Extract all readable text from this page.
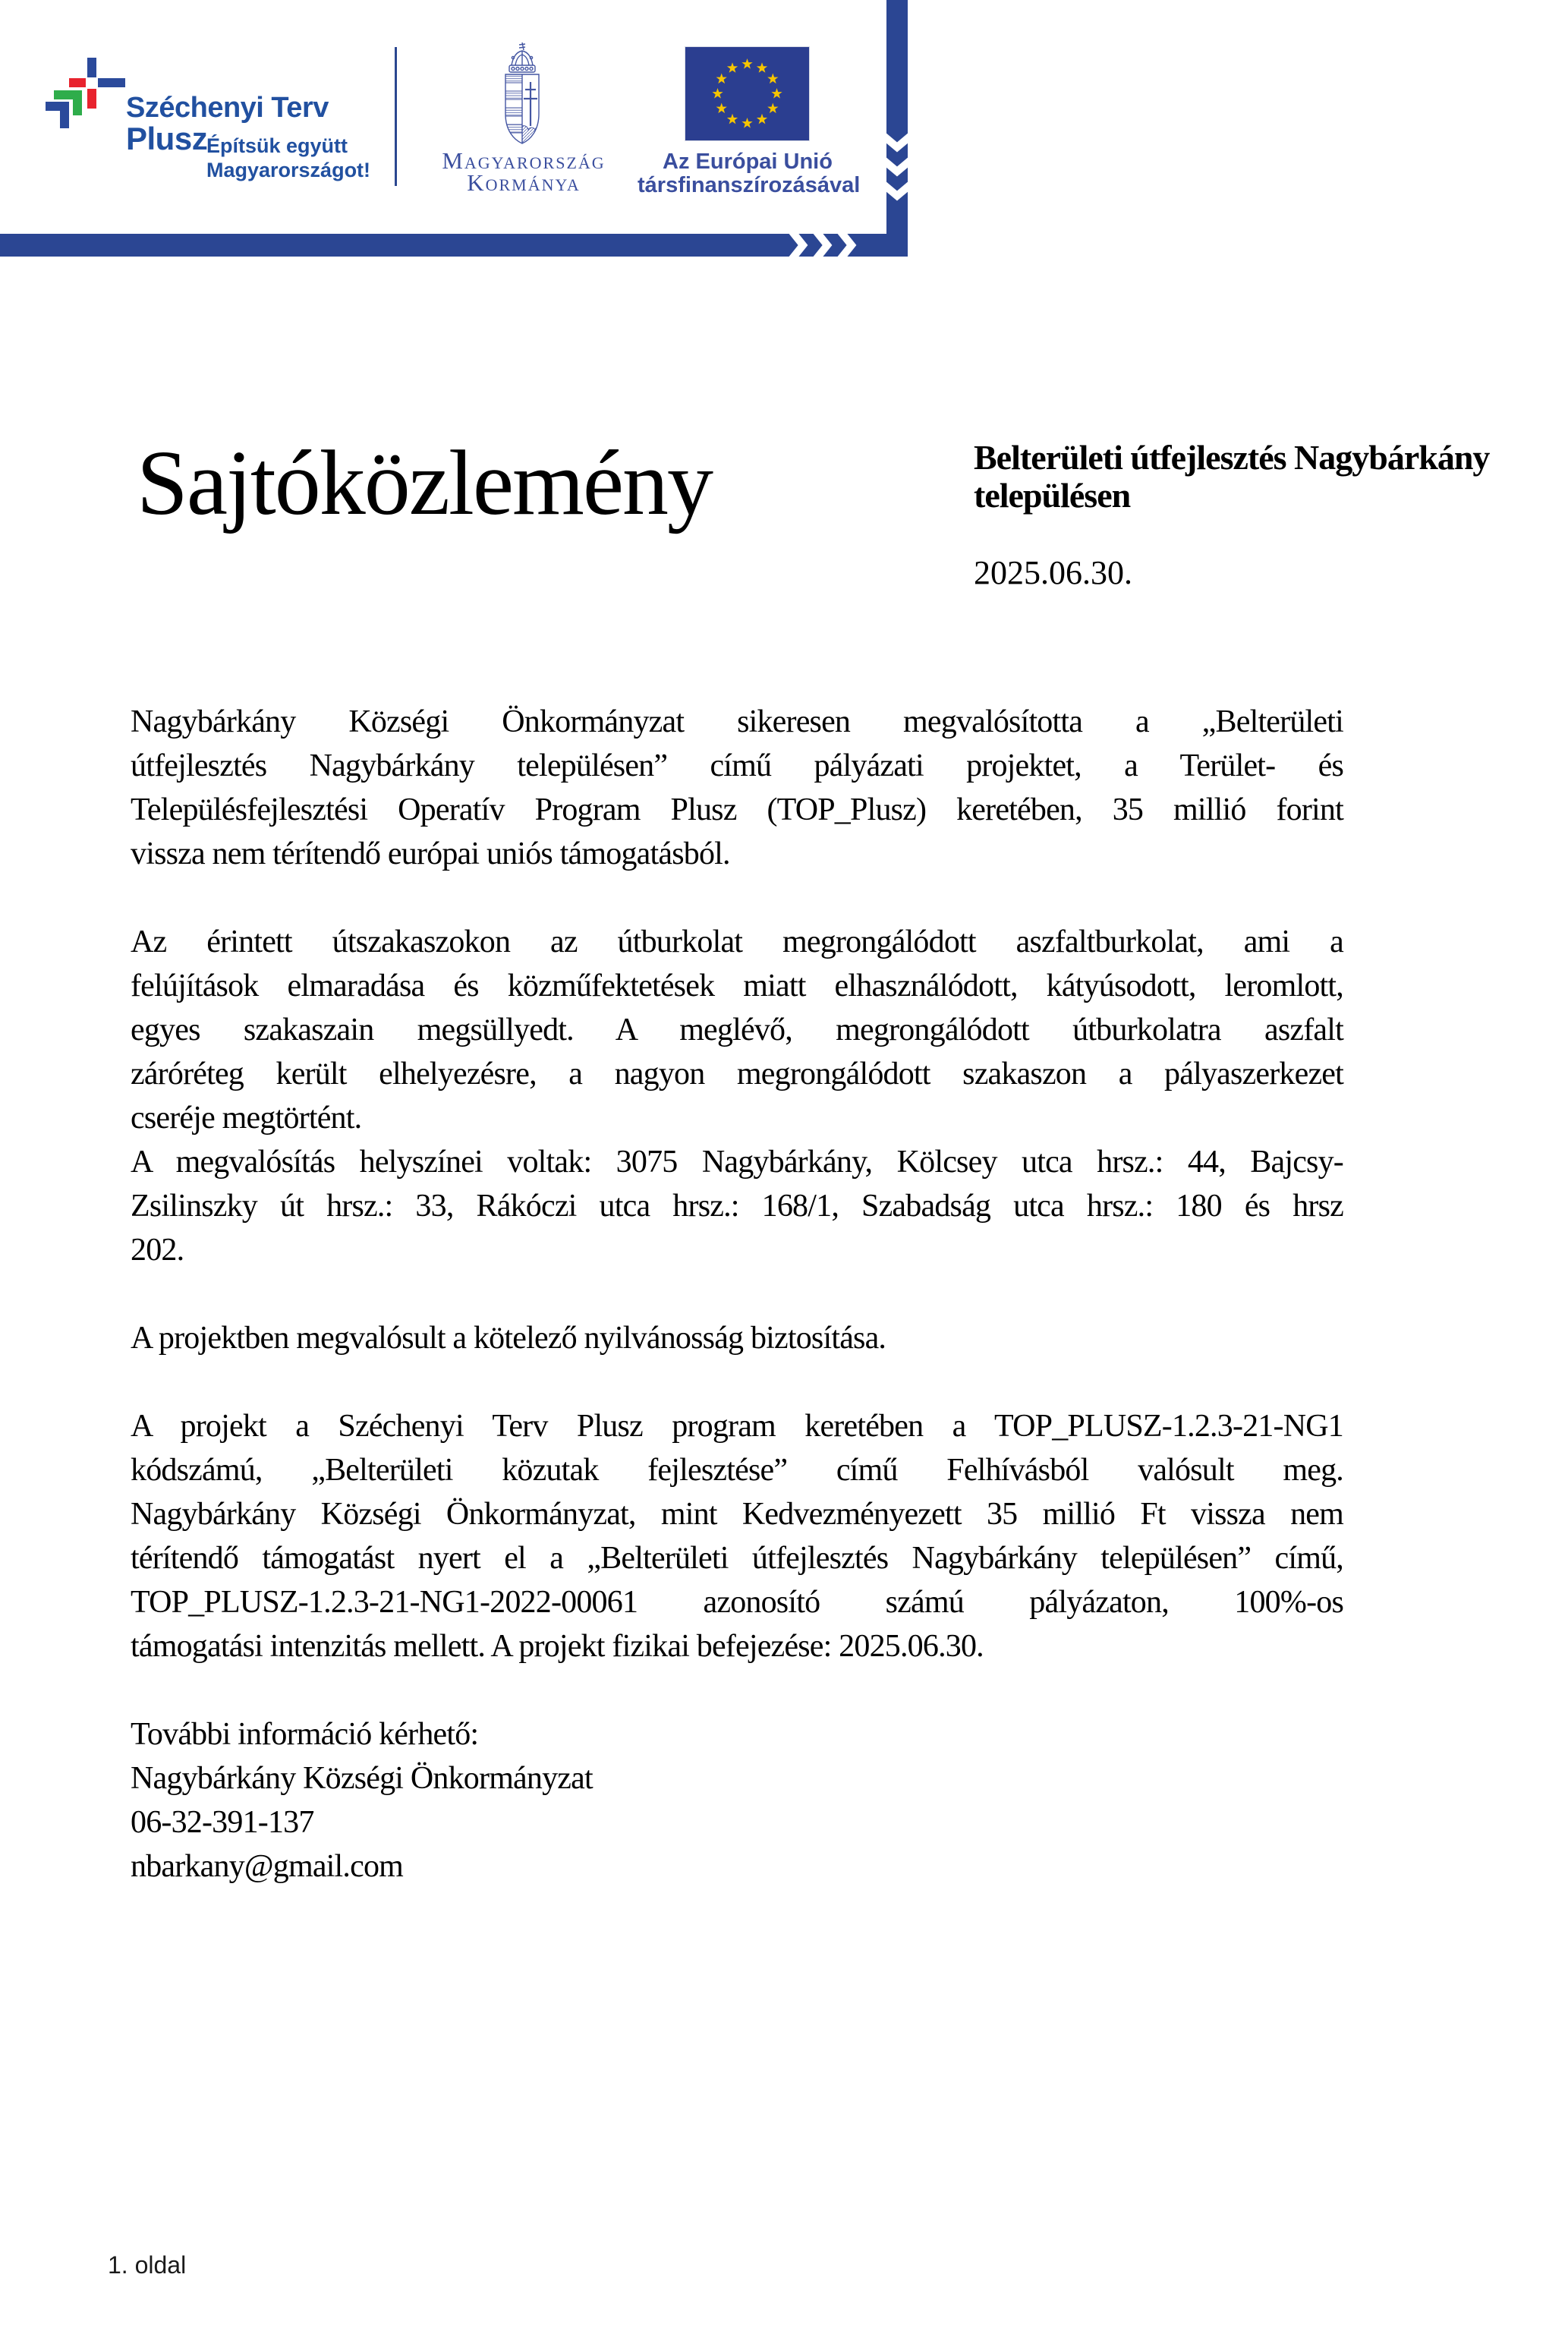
Széchenyi Terv
Plusz
Építsük együtt
Magyarországot!	Magyarország
Kormánya
Az Európai Unió
társfinanszírozásával
Sajtóközlemény	Belterületi útfejlesztés Nagybárkány
településen
2025.06.30.
Nagybárkány Községi Önkormányzat sikeresen megvalósította a „Belterületi
útfejlesztés Nagybárkány településen” című pályázati projektet, a Terület- és
Településfejlesztési Operatív Program Plusz (TOP_Plusz) keretében, 35 millió forint
vissza nem térítendő európai uniós támogatásból.
Az érintett útszakaszokon az útburkolat megrongálódott aszfaltburkolat, ami a
felújítások elmaradása és közműfektetések miatt elhasználódott, kátyúsodott, leromlott,
egyes szakaszain megsüllyedt. A meglévő, megrongálódott útburkolatra aszfalt
záróréteg került elhelyezésre, a nagyon megrongálódott szakaszon a pályaszerkezet
cseréje megtörtént.
A megvalósítás helyszínei voltak: 3075 Nagybárkány, Kölcsey utca hrsz.: 44, Bajcsy-
Zsilinszky út hrsz.: 33, Rákóczi utca hrsz.: 168/1, Szabadság utca hrsz.: 180 és hrsz
202.
A projektben megvalósult a kötelező nyilvánosság biztosítása.
A projekt a Széchenyi Terv Plusz program keretében a TOP_PLUSZ-1.2.3-21-NG1
kódszámú, „Belterületi közutak fejlesztése” című Felhívásból valósult meg.
Nagybárkány Községi Önkormányzat, mint Kedvezményezett 35 millió Ft vissza nem
térítendő támogatást nyert el a „Belterületi útfejlesztés Nagybárkány településen” című,
TOP_PLUSZ-1.2.3-21-NG1-2022-00061 azonosító számú pályázaton, 100%-os
támogatási intenzitás mellett. A projekt fizikai befejezése: 2025.06.30.
További információ kérhető:
Nagybárkány Községi Önkormányzat
06-32-391-137
nbarkany@gmail.com
1. oldal
